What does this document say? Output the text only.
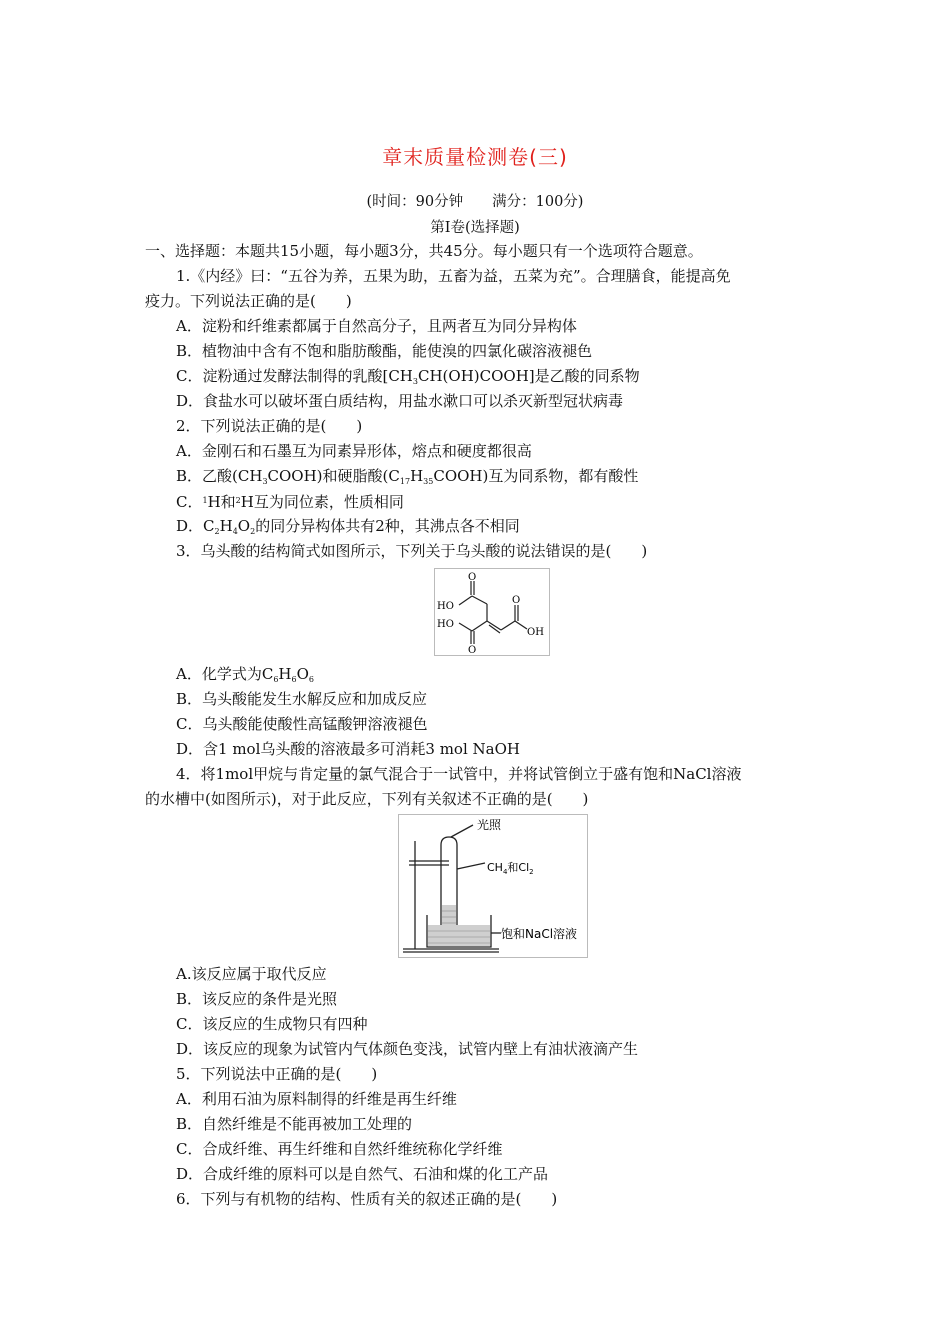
章末质量检测卷(三)
(时间：90分钟　　满分：100分)
第Ⅰ卷(选择题)
一、选择题：本题共15小题，每小题3分，共45分。每小题只有一个选项符合题意。
1.《内经》曰：“五谷为养，五果为助，五畜为益，五菜为充”。合理膳食，能提高免
疫力。下列说法正确的是(　　)
A．淀粉和纤维素都属于自然高分子，且两者互为同分异构体
B．植物油中含有不饱和脂肪酸酯，能使溴的四氯化碳溶液褪色
C．淀粉通过发酵法制得的乳酸$[CH_3CH(OH)COOH]$是乙酸的同系物
D．食盐水可以破坏蛋白质结构，用盐水漱口可以杀灭新型冠状病毒
2．下列说法正确的是(　　)
A．金刚石和石墨互为同素异形体，熔点和硬度都很高
B．乙酸$(CH_3COOH)$和硬脂酸$(C_{17}H_{35}COOH)$互为同系物，都有酸性
C．$^1$H和$^2$H互为同位素，性质相同
D．$C_2H_4O_2$的同分异构体共有2种，其沸点各不相同
3．乌头酸的结构简式如图所示，下列关于乌头酸的说法错误的是(　　)
O
HO
HO
O
O
OH
A．化学式为$C_6H_6O_6$
B．乌头酸能发生水解反应和加成反应
C．乌头酸能使酸性高锰酸钾溶液褪色
D．含1 mol乌头酸的溶液最多可消耗3 mol NaOH
4．将1mol甲烷与肯定量的氯气混合于一试管中，并将试管倒立于盛有饱和NaCl溶液
的水槽中(如图所示)，对于此反应，下列有关叙述不正确的是(　　)
光照
$CH_4$和$Cl_2$
饱和NaCl溶液
A.该反应属于取代反应
B．该反应的条件是光照
C．该反应的生成物只有四种
D．该反应的现象为试管内气体颜色变浅，试管内壁上有油状液滴产生
5．下列说法中正确的是(　　)
A．利用石油为原料制得的纤维是再生纤维
B．自然纤维是不能再被加工处理的
C．合成纤维、再生纤维和自然纤维统称化学纤维
D．合成纤维的原料可以是自然气、石油和煤的化工产品
6．下列与有机物的结构、性质有关的叙述正确的是(　　)
